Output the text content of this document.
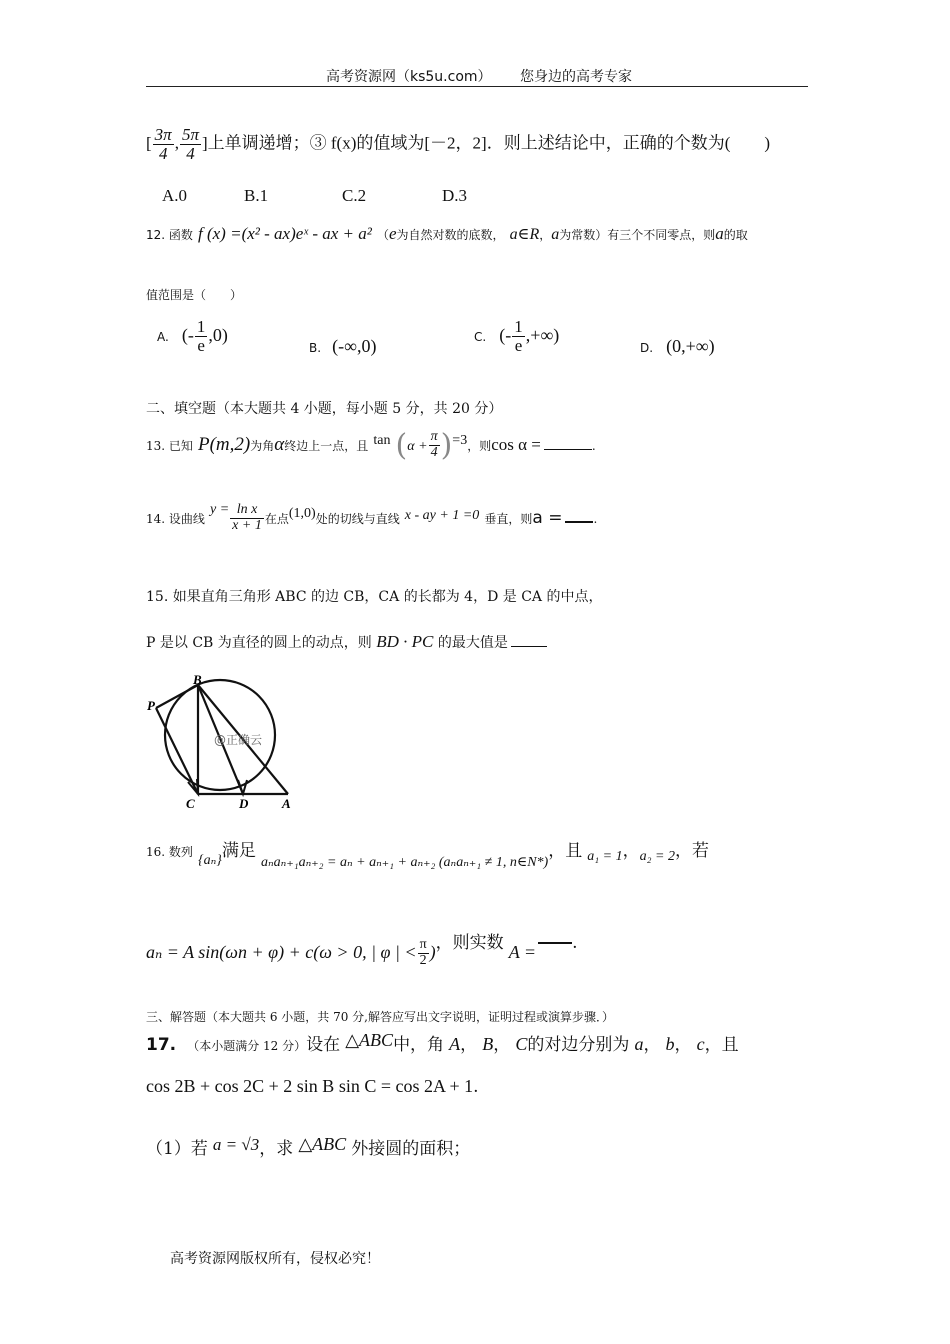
高考资源网（ks5u.com） 您身边的高考专家
[ $\frac{3\pi}{4}$ , $\frac{5\pi}{4}$ ]上单调递增；③ f(x)的值域为[－2，2]．则上述结论中，正确的个数为(　　)
A.0	B.1	C.2	D.3
12. 函数 f (x) =(x² - ax)eˣ - ax + a² （e为自然对数的底数， a∈R，a为常数）有三个不同零点，则a的取
值范围是（　　）
A. (- $\frac{1}{e} ,0$)
B. (-∞,0)	C. (- $\frac{1}{e}$ ,+∞)
D. (0,+∞)
二、填空题（本大题共 4 小题，每小题 5 分，共 20 分）
13. 已知 P(m,2)为角α终边上一点，且 $\tan (\alpha + \frac{\pi}{4} )=3$，则cos α =	.
14. 设曲线 $y = \frac{\text{ln x}}{x + 1}$ 在点(1,0)处的切线与直线 x - ay + 1 =0 垂直，则a =	.
15. 如果直角三角形 ABC 的边 CB，CA 的长都为 4，D 是 CA 的中点，
P 是以 CB 为直径的圆上的动点，则 BD · PC 的最大值是
P
B
C	D	A
@正确云
16. 数列 {aₙ}满足 aₙaₙ₊₁aₙ₊₂ = aₙ + aₙ₊₁ + aₙ₊₂ (aₙaₙ₊₁ ≠ 1, n∈N*)，且 a₁ = 1，a₂ = 2，若
aₙ = A sin(ωn + φ) + c(ω > 0, | φ | < $\frac{\pi}{2}$ )，则实数 A = .
三、解答题（本大题共 6 小题，共 70 分,解答应写出文字说明，证明过程或演算步骤．）
17. （本小题满分 12 分）设在 △ABC中，角 A， B， C的对边分别为 a， b， c，且
cos 2B + cos 2C + 2 sin B sin C = cos 2A + 1.
（1）若 a = √3，求 △ABC 外接圆的面积；
高考资源网版权所有，侵权必究！
